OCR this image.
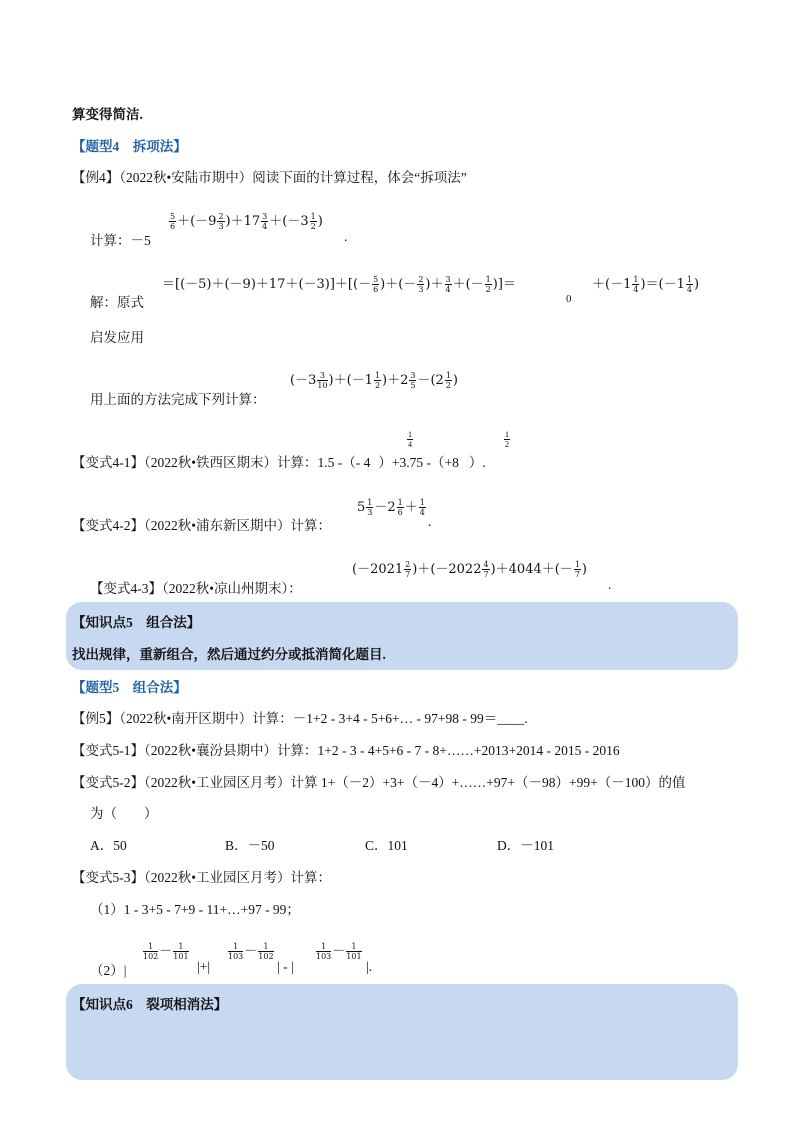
算变得简洁.
【题型4　拆项法】
【例4】（2022秋•安陆市期中）阅读下面的计算过程，体会“拆项法”
计算：－5
$\frac{5}{6} +(-9 \frac{2}{3} )+17 \frac{3}{4} +(-3 \frac{1}{2}$ )
.
解：原式
$=[(-5)+(-9)+17+(-3)]+[(- \frac{5}{6}$ )＋(－ $\frac{2}{3}$ )＋ $\frac{3}{4}$ ＋(－ $\frac{1}{2}$ )]＝
0
$+(-1 \frac{1}{4} )=(-1 \frac{1}{4}$ )
启发应用
用上面的方法完成下列计算：
$(-3 \frac{3}{10} )+(-1 \frac{1}{2} )+2 \frac{3}{5} -(2 \frac{1}{2}$ )
【变式4-1】（2022秋•铁西区期末）计算：1.5 -（- 4 ）+3.75 -（+8 ）.
$\frac{1}{4}$	$\frac{1}{2}$
【变式4-2】（2022秋•浦东新区期中）计算：
$5 \frac{1}{3} -2 \frac{1}{6} + \frac{1}{4}$
.
【变式4-3】（2022秋•凉山州期末）：
$(-2021 \frac{2}{7} )+(-2022 \frac{4}{7} )+4044+(- \frac{1}{7}$ )
.
【知识点5　组合法】
找出规律，重新组合，然后通过约分或抵消简化题目.
【题型5　组合法】
【例5】（2022秋•南开区期中）计算：－1+2 - 3+4 - 5+6+… - 97+98 - 99＝____.
【变式5-1】（2022秋•襄汾县期中）计算：1+2 - 3 - 4+5+6 - 7 - 8+……+2013+2014 - 2015 - 2016
【变式5-2】（2022秋•工业园区月考）计算 1+（－2）+3+（－4）+……+97+（－98）+99+（－100）的值
为（　　）
A．50	B．－50	C．101	D．－101
【变式5-3】（2022秋•工业园区月考）计算：
（1）1 - 3+5 - 7+9 - 11+…+97 - 99；
（2）|
$\frac{1}{102} - \frac{1}{101}$
|+|
$\frac{1}{103} - \frac{1}{102}$
| - |
$\frac{1}{103} - \frac{1}{101}$
|.
【知识点6　裂项相消法】
